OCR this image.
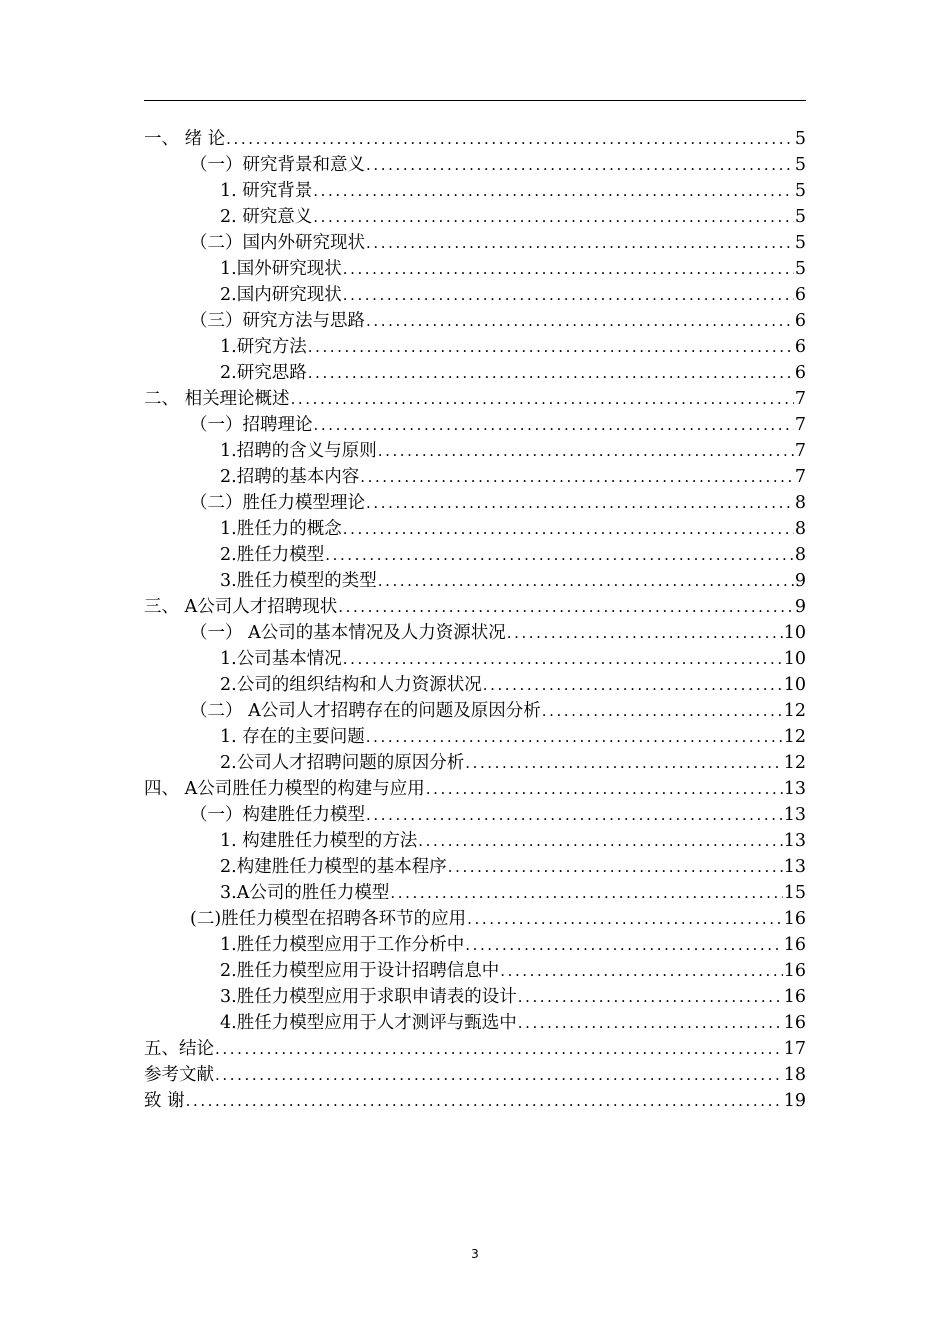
一、 绪 论 .....	5
（一）研究背景和意义 .....	5
1. 研究背景 .....	5
2. 研究意义 .....	5
（二）国内外研究现状 .....	5
1.国外研究现状 .....	5
2.国内研究现状 .....	6
（三）研究方法与思路 .....	6
1.研究方法 .....	6
2.研究思路 .....	6
二、 相关理论概述 .....	7
（一）招聘理论 .....	7
1.招聘的含义与原则 .....	7
2.招聘的基本内容 .....	7
（二）胜任力模型理论 .....	8
1.胜任力的概念 .....	8
2.胜任力模型 .....	8
3.胜任力模型的类型 .....	9
三、 A公司人才招聘现状 .....	9
（一） A公司的基本情况及人力资源状况 .....	10
1.公司基本情况 .....	10
2.公司的组织结构和人力资源状况 .....	10
（二） A公司人才招聘存在的问题及原因分析 .....	12
1. 存在的主要问题 .....	12
2.公司人才招聘问题的原因分析 .....	12
四、 A公司胜任力模型的构建与应用 .....	13
（一）构建胜任力模型 .....	13
1. 构建胜任力模型的方法 .....	13
2.构建胜任力模型的基本程序 .....	13
3.A公司的胜任力模型 .....	15
(二)胜任力模型在招聘各环节的应用 .....	16
1.胜任力模型应用于工作分析中 .....	16
2.胜任力模型应用于设计招聘信息中 .....	16
3.胜任力模型应用于求职申请表的设计 .....	16
4.胜任力模型应用于人才测评与甄选中 .....	16
五、结论 .....	17
参考文献 .....	18
致 谢 .....	19
3
